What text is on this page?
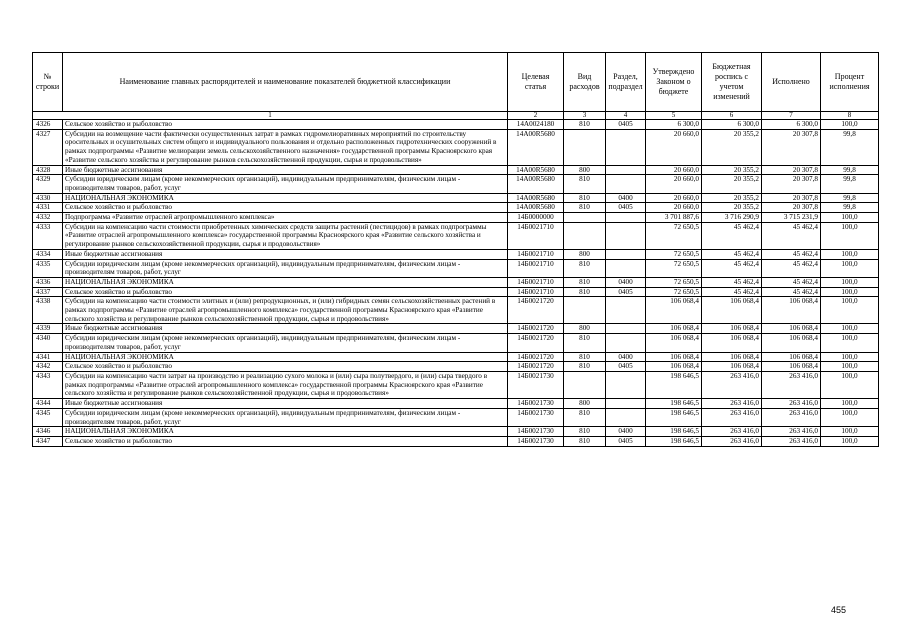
№ строки	Наименование главных распорядителей и наименование показателей бюджетной классификации	Целевая статья	Вид расходов	Раздел, подраздел	Утверждено Законом о бюджете	Бюджетная роспись с учетом изменений	Исполнено	Процент исполнения
1		2	3	4	5	6	7	8
4326	Сельское хозяйство и рыболовство	14А0024180	810	0405	6 300,0	6 300,0	6 300,0	100,0
4327	Субсидии на возмещение части фактически осуществленных затрат в рамках гидромелиоративных мероприятий по строительству оросительных и осушительных систем общего и индивидуального пользования и отдельно расположенных гидротехнических сооружений в рамках подпрограммы «Развитие мелиорации земель сельскохозяйственного назначения» государственной программы Красноярского края «Развитие сельского хозяйства и регулирование рынков сельскохозяйственной продукции, сырья и продовольствия»	14А00R5680			20 660,0	20 355,2	20 307,8	99,8
4328	Иные бюджетные ассигнования	14А00R5680	800		20 660,0	20 355,2	20 307,8	99,8
4329	Субсидии юридическим лицам (кроме некоммерческих организаций), индивидуальным предпринимателям, физическим лицам - производителям товаров, работ, услуг	14А00R5680	810		20 660,0	20 355,2	20 307,8	99,8
4330	НАЦИОНАЛЬНАЯ ЭКОНОМИКА	14А00R5680	810	0400	20 660,0	20 355,2	20 307,8	99,8
4331	Сельское хозяйство и рыболовство	14А00R5680	810	0405	20 660,0	20 355,2	20 307,8	99,8
4332	Подпрограмма «Развитие отраслей агропромышленного комплекса»	14Б0000000			3 701 887,6	3 716 290,9	3 715 231,9	100,0
4333	Субсидии на компенсацию части стоимости приобретенных химических средств защиты растений (пестицидов) в рамках подпрограммы «Развитие отраслей агропромышленного комплекса» государственной программы Красноярского края «Развитие сельского хозяйства и регулирование рынков сельскохозяйственной продукции, сырья и продовольствия»	14Б0021710			72 650,5	45 462,4	45 462,4	100,0
4334	Иные бюджетные ассигнования	14Б0021710	800		72 650,5	45 462,4	45 462,4	100,0
4335	Субсидии юридическим лицам (кроме некоммерческих организаций), индивидуальным предпринимателям, физическим лицам - производителям товаров, работ, услуг	14Б0021710	810		72 650,5	45 462,4	45 462,4	100,0
4336	НАЦИОНАЛЬНАЯ ЭКОНОМИКА	14Б0021710	810	0400	72 650,5	45 462,4	45 462,4	100,0
4337	Сельское хозяйство и рыболовство	14Б0021710	810	0405	72 650,5	45 462,4	45 462,4	100,0
4338	Субсидии на компенсацию части стоимости элитных и (или) репродукционных, и (или) гибридных семян сельскохозяйственных растений в рамках подпрограммы «Развитие отраслей агропромышленного комплекса» государственной программы Красноярского края «Развитие сельского хозяйства и регулирование рынков сельскохозяйственной продукции, сырья и продовольствия»	14Б0021720			106 068,4	106 068,4	106 068,4	100,0
4339	Иные бюджетные ассигнования	14Б0021720	800		106 068,4	106 068,4	106 068,4	100,0
4340	Субсидии юридическим лицам (кроме некоммерческих организаций), индивидуальным предпринимателям, физическим лицам - производителям товаров, работ, услуг	14Б0021720	810		106 068,4	106 068,4	106 068,4	100,0
4341	НАЦИОНАЛЬНАЯ ЭКОНОМИКА	14Б0021720	810	0400	106 068,4	106 068,4	106 068,4	100,0
4342	Сельское хозяйство и рыболовство	14Б0021720	810	0405	106 068,4	106 068,4	106 068,4	100,0
4343	Субсидии на компенсацию части затрат на производство и реализацию сухого молока и (или) сыра полутвердого, и (или) сыра твердого в рамках подпрограммы «Развитие отраслей агропромышленного комплекса» государственной программы Красноярского края «Развитие сельского хозяйства и регулирование рынков сельскохозяйственной продукции, сырья и продовольствия»	14Б0021730			198 646,5	263 416,0	263 416,0	100,0
4344	Иные бюджетные ассигнования	14Б0021730	800		198 646,5	263 416,0	263 416,0	100,0
4345	Субсидии юридическим лицам (кроме некоммерческих организаций), индивидуальным предпринимателям, физическим лицам - производителям товаров, работ, услуг	14Б0021730	810		198 646,5	263 416,0	263 416,0	100,0
4346	НАЦИОНАЛЬНАЯ ЭКОНОМИКА	14Б0021730	810	0400	198 646,5	263 416,0	263 416,0	100,0
4347	Сельское хозяйство и рыболовство	14Б0021730	810	0405	198 646,5	263 416,0	263 416,0	100,0
455
